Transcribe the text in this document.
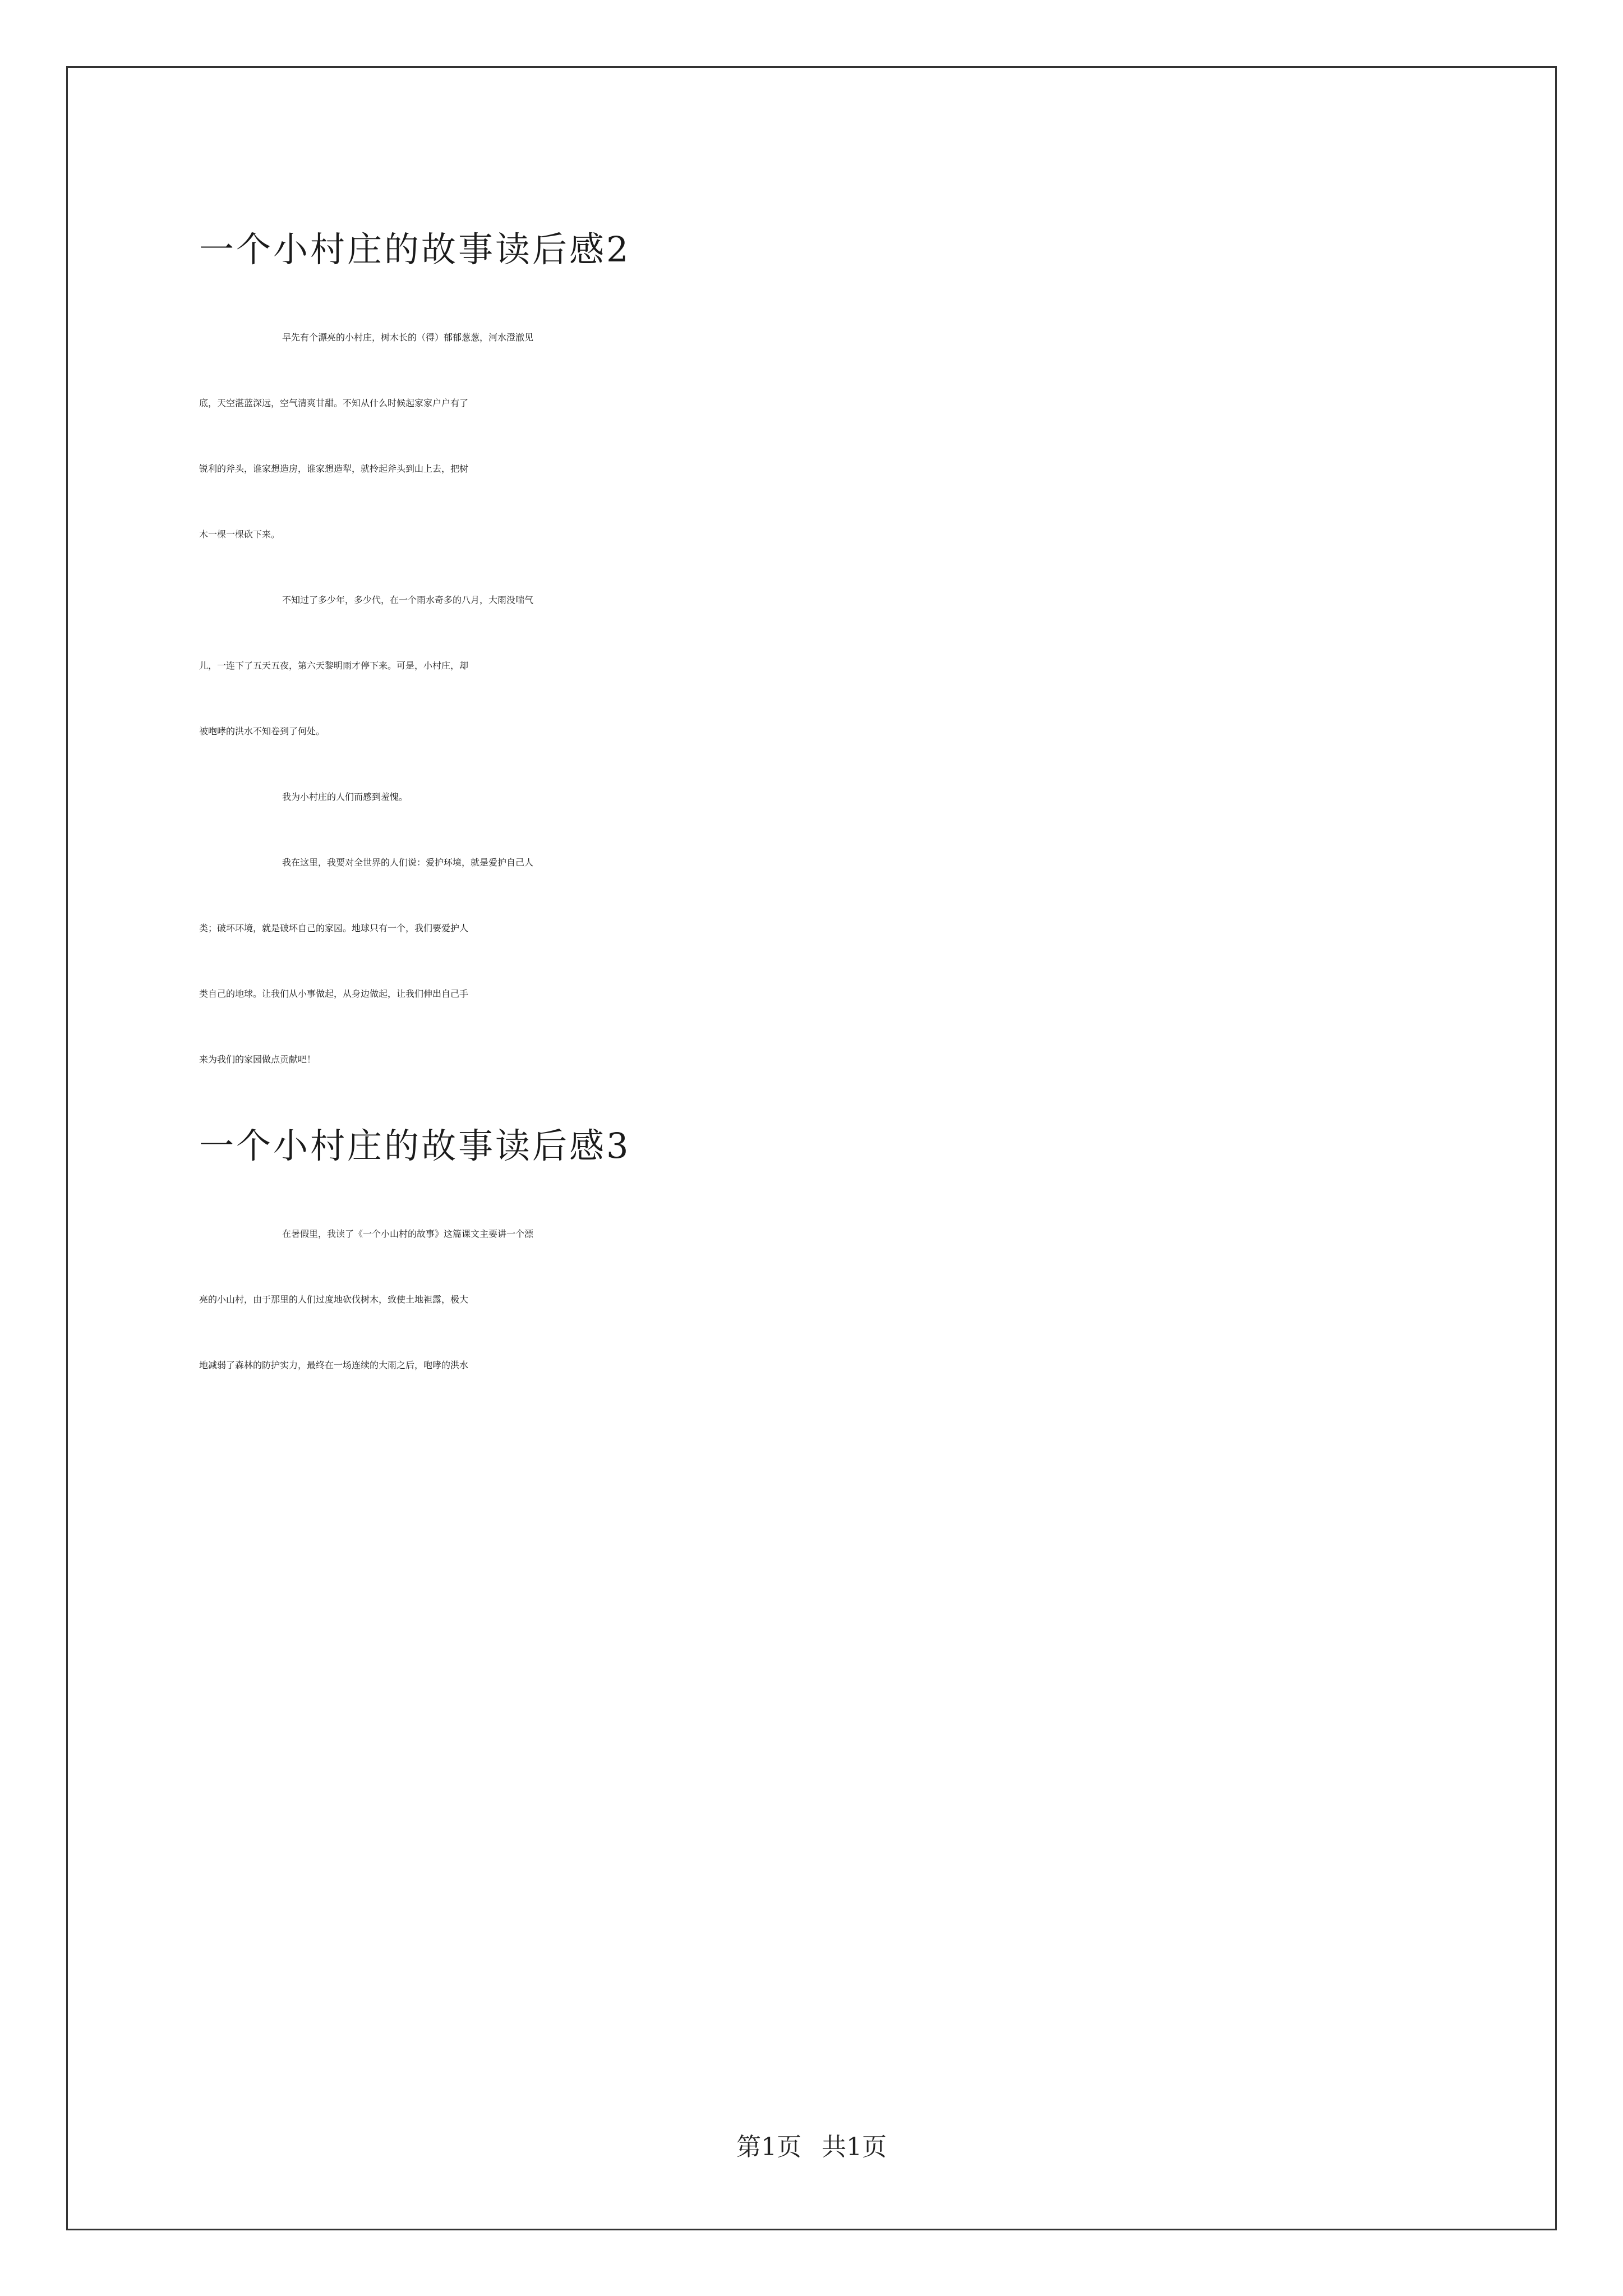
一个小村庄的故事读后感2
早先有个漂亮的小村庄，树木长的（得）郁郁葱葱，河水澄澈见
底，天空湛蓝深远，空气清爽甘甜。不知从什么时候起家家户户有了
锐利的斧头，谁家想造房，谁家想造犁，就拎起斧头到山上去，把树
木一棵一棵砍下来。
不知过了多少年，多少代，在一个雨水奇多的八月，大雨没喘气
儿，一连下了五天五夜，第六天黎明雨才停下来。可是，小村庄，却
被咆哮的洪水不知卷到了何处。
我为小村庄的人们而感到羞愧。
我在这里，我要对全世界的人们说：爱护环境，就是爱护自己人
类；破坏环境，就是破坏自己的家园。地球只有一个，我们要爱护人
类自己的地球。让我们从小事做起，从身边做起，让我们伸出自己手
来为我们的家园做点贡献吧！
一个小村庄的故事读后感3
在暑假里，我读了《一个小山村的故事》这篇课文主要讲一个漂
亮的小山村，由于那里的人们过度地砍伐树木，致使土地袒露，极大
地减弱了森林的防护实力，最终在一场连续的大雨之后，咆哮的洪水
第1页 共1页
